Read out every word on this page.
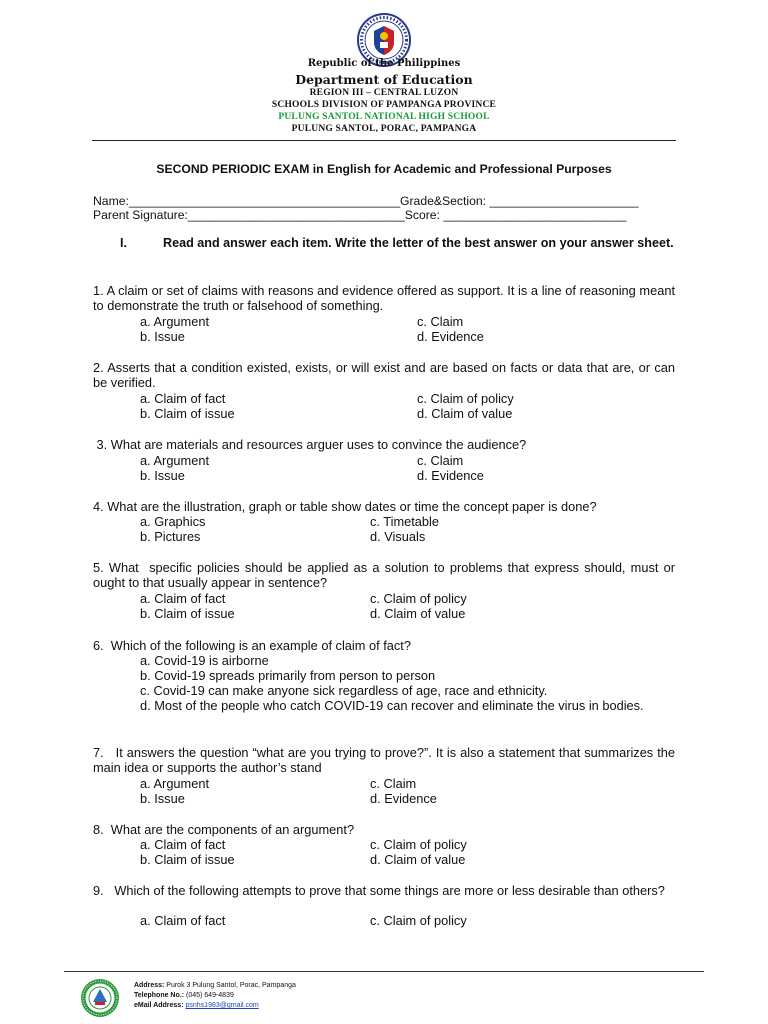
Republic of the Philippines
Department of Education
REGION III – CENTRAL LUZON
SCHOOLS DIVISION OF PAMPANGA PROVINCE
PULUNG SANTOL NATIONAL HIGH SCHOOL
PULUNG SANTOL, PORAC, PAMPANGA
SECOND PERIODIC EXAM in English for Academic and Professional Purposes
Name:________________________________________Grade&Section: ______________________
Parent Signature:________________________________Score: ___________________________
I.	Read and answer each item. Write the letter of the best answer on your answer sheet.
1. A claim or set of claims with reasons and evidence offered as support. It is a line of reasoning meant to demonstrate the truth or falsehood of something.
a. Argument	c. Claim
b. Issue	d. Evidence
2. Asserts that a condition existed, exists, or will exist and are based on facts or data that are, or can be verified.
a. Claim of fact	c. Claim of policy
b. Claim of issue	d. Claim of value
3. What are materials and resources arguer uses to convince the audience?
a. Argument	c. Claim
b. Issue	d. Evidence
4. What are the illustration, graph or table show dates or time the concept paper is done?
a. Graphics	c. Timetable
b. Pictures	d. Visuals
5. What  specific policies should be applied as a solution to problems that express should, must or ought to that usually appear in sentence?
a. Claim of fact	c. Claim of policy
b. Claim of issue	d. Claim of value
6.  Which of the following is an example of claim of fact?
a. Covid-19 is airborne
b. Covid-19 spreads primarily from person to person
c. Covid-19 can make anyone sick regardless of age, race and ethnicity.
d. Most of the people who catch COVID-19 can recover and eliminate the virus in bodies.
7.   It answers the question “what are you trying to prove?”. It is also a statement that summarizes the main idea or supports the author’s stand
a. Argument	c. Claim
b. Issue	d. Evidence
8.  What are the components of an argument?
a. Claim of fact	c. Claim of policy
b. Claim of issue	d. Claim of value
9.   Which of the following attempts to prove that some things are more or less desirable than others?
a. Claim of fact	c. Claim of policy
Address: Purok 3 Pulung Santol, Porac, Pampanga
Telephone No.: (045) 649-4839
eMail Address: psnhs1983@gmail.com
